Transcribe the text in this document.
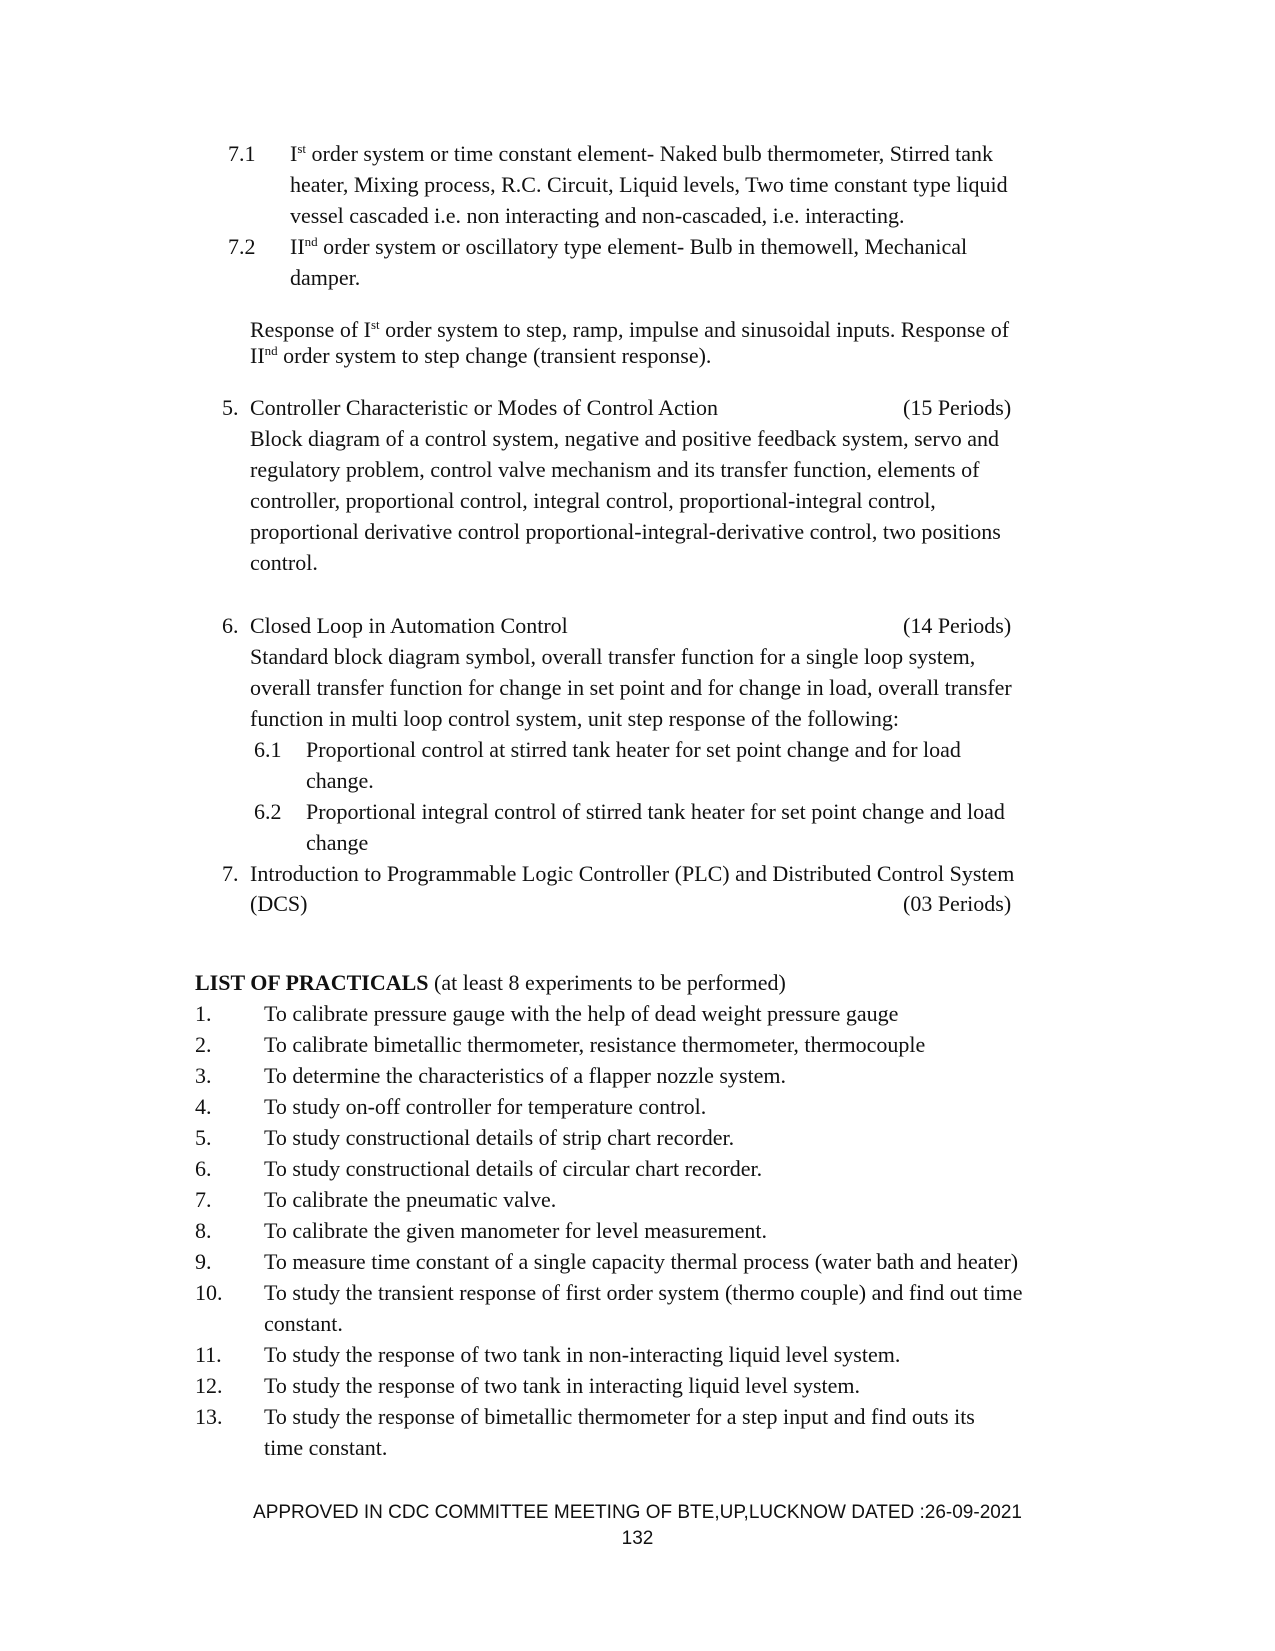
7.1 Ist order system or time constant element- Naked bulb thermometer, Stirred tank
heater, Mixing process, R.C. Circuit, Liquid levels, Two time constant type liquid
vessel cascaded i.e. non interacting and non-cascaded, i.e. interacting.
7.2 IInd order system or oscillatory type element- Bulb in themowell, Mechanical
damper.
Response of Ist order system to step, ramp, impulse and sinusoidal inputs. Response of
IInd order system to step change (transient response).
5. Controller Characteristic or Modes of Control Action	(15 Periods)
Block diagram of a control system, negative and positive feedback system, servo and
regulatory problem, control valve mechanism and its transfer function, elements of
controller, proportional control, integral control, proportional-integral control,
proportional derivative control proportional-integral-derivative control, two positions
control.
6. Closed Loop in Automation Control	(14 Periods)
Standard block diagram symbol, overall transfer function for a single loop system,
overall transfer function for change in set point and for change in load, overall transfer
function in multi loop control system, unit step response of the following:
6.1 Proportional control at stirred tank heater for set point change and for load
change.
6.2 Proportional integral control of stirred tank heater for set point change and load
change
7. Introduction to Programmable Logic Controller (PLC) and Distributed Control System
(DCS)	(03 Periods)
LIST OF PRACTICALS (at least 8 experiments to be performed)
1. To calibrate pressure gauge with the help of dead weight pressure gauge
2. To calibrate bimetallic thermometer, resistance thermometer, thermocouple
3. To determine the characteristics of a flapper nozzle system.
4. To study on-off controller for temperature control.
5. To study constructional details of strip chart recorder.
6. To study constructional details of circular chart recorder.
7. To calibrate the pneumatic valve.
8. To calibrate the given manometer for level measurement.
9. To measure time constant of a single capacity thermal process (water bath and heater)
10. To study the transient response of first order system (thermo couple) and find out time
constant.
11. To study the response of two tank in non-interacting liquid level system.
12. To study the response of two tank in interacting liquid level system.
13. To study the response of bimetallic thermometer for a step input and find outs its
time constant.
APPROVED IN CDC COMMITTEE MEETING OF BTE,UP,LUCKNOW DATED :26-09-2021
132
